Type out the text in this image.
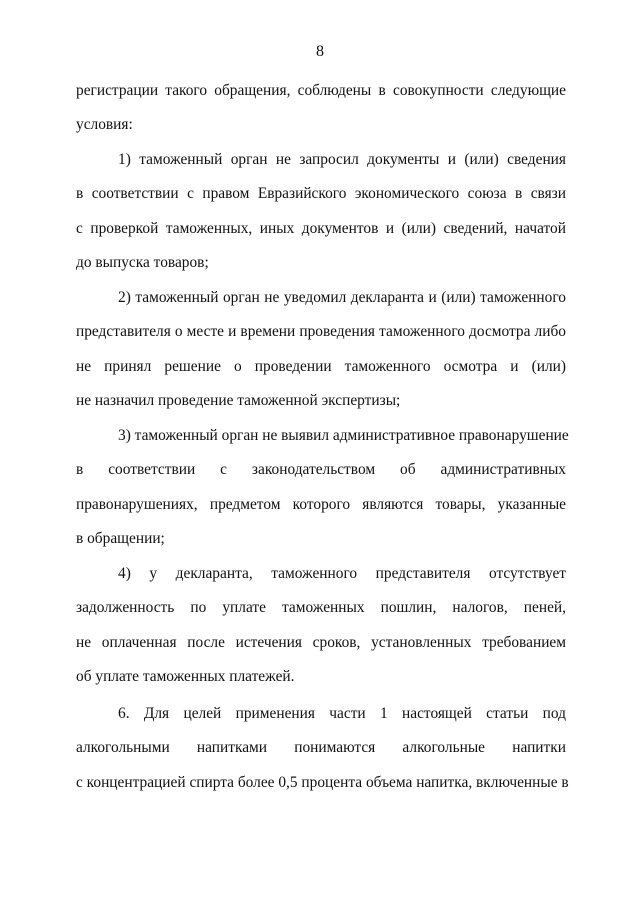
8
регистрации такого обращения, соблюдены в совокупности следующие
условия:
1) таможенный орган не запросил документы и (или) сведения
в соответствии с правом Евразийского экономического союза в связи
с проверкой таможенных, иных документов и (или) сведений, начатой
до выпуска товаров;
2) таможенный орган не уведомил декларанта и (или) таможенного
представителя о месте и времени проведения таможенного досмотра либо
не принял решение о проведении таможенного осмотра и (или)
не назначил проведение таможенной экспертизы;
3) таможенный орган не выявил административное правонарушение
в соответствии с законодательством об административных
правонарушениях, предметом которого являются товары, указанные
в обращении;
4) у декларанта, таможенного представителя отсутствует
задолженность по уплате таможенных пошлин, налогов, пеней,
не оплаченная после истечения сроков, установленных требованием
об уплате таможенных платежей.
6. Для целей применения части 1 настоящей статьи под
алкогольными напитками понимаются алкогольные напитки
с концентрацией спирта более 0,5 процента объема напитка, включенные в
